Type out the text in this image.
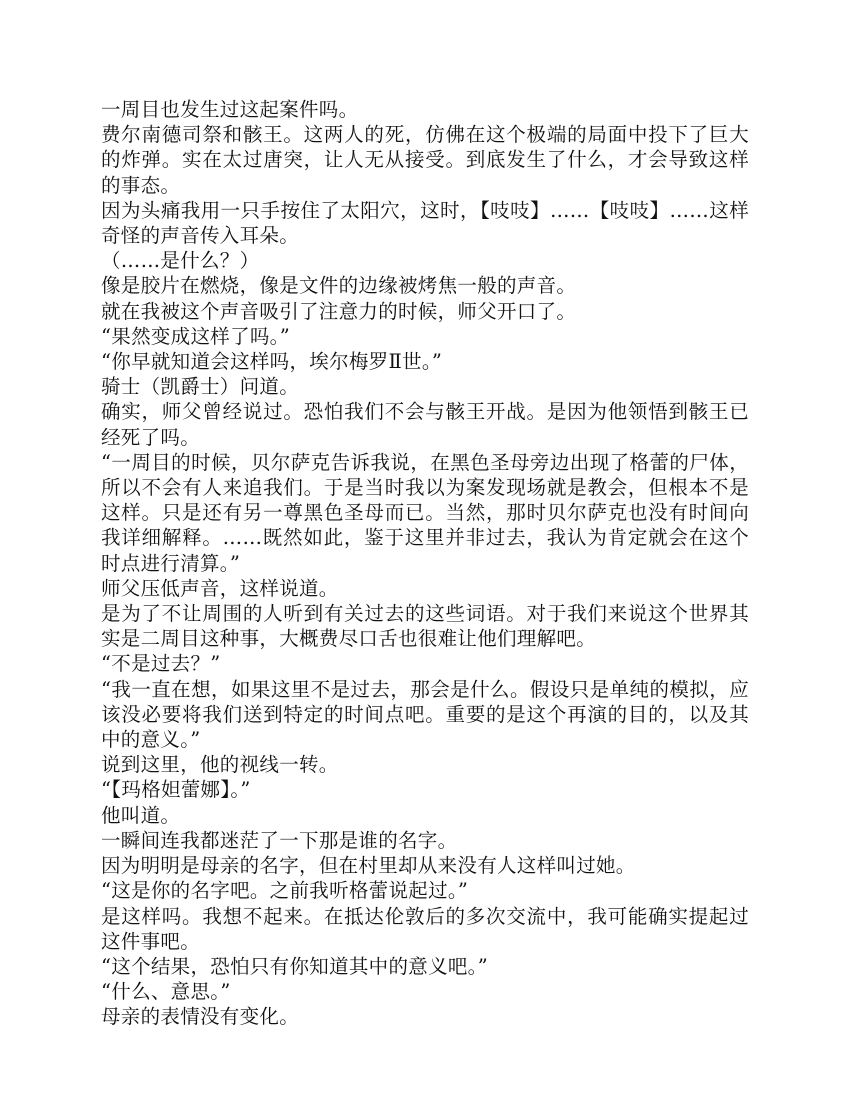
一周目也发生过这起案件吗。

费尔南德司祭和骸王。这两人的死，仿佛在这个极端的局面中投下了巨大的炸弹。实在太过唐突，让人无从接受。到底发生了什么，才会导致这样的事态。

因为头痛我用一只手按住了太阳穴，这时，【吱吱】……【吱吱】……这样奇怪的声音传入耳朵。

（……是什么？）

像是胶片在燃烧，像是文件的边缘被烤焦一般的声音。

就在我被这个声音吸引了注意力的时候，师父开口了。

“果然变成这样了吗。”

“你早就知道会这样吗，埃尔梅罗Ⅱ世。”

骑士（凯爵士）问道。

确实，师父曾经说过。恐怕我们不会与骸王开战。是因为他领悟到骸王已经死了吗。

“一周目的时候，贝尔萨克告诉我说，在黑色圣母旁边出现了格蕾的尸体，所以不会有人来追我们。于是当时我以为案发现场就是教会，但根本不是这样。只是还有另一尊黑色圣母而已。当然，那时贝尔萨克也没有时间向我详细解释。……既然如此，鉴于这里并非过去，我认为肯定就会在这个时点进行清算。”

师父压低声音，这样说道。

是为了不让周围的人听到有关过去的这些词语。对于我们来说这个世界其实是二周目这种事，大概费尽口舌也很难让他们理解吧。

“不是过去？”

“我一直在想，如果这里不是过去，那会是什么。假设只是单纯的模拟，应该没必要将我们送到特定的时间点吧。重要的是这个再演的目的，以及其中的意义。”

说到这里，他的视线一转。

“【玛格妲蕾娜】。”

他叫道。

一瞬间连我都迷茫了一下那是谁的名字。

因为明明是母亲的名字，但在村里却从来没有人这样叫过她。

“这是你的名字吧。之前我听格蕾说起过。”

是这样吗。我想不起来。在抵达伦敦后的多次交流中，我可能确实提起过这件事吧。

“这个结果，恐怕只有你知道其中的意义吧。”

“什么、意思。”

母亲的表情没有变化。
